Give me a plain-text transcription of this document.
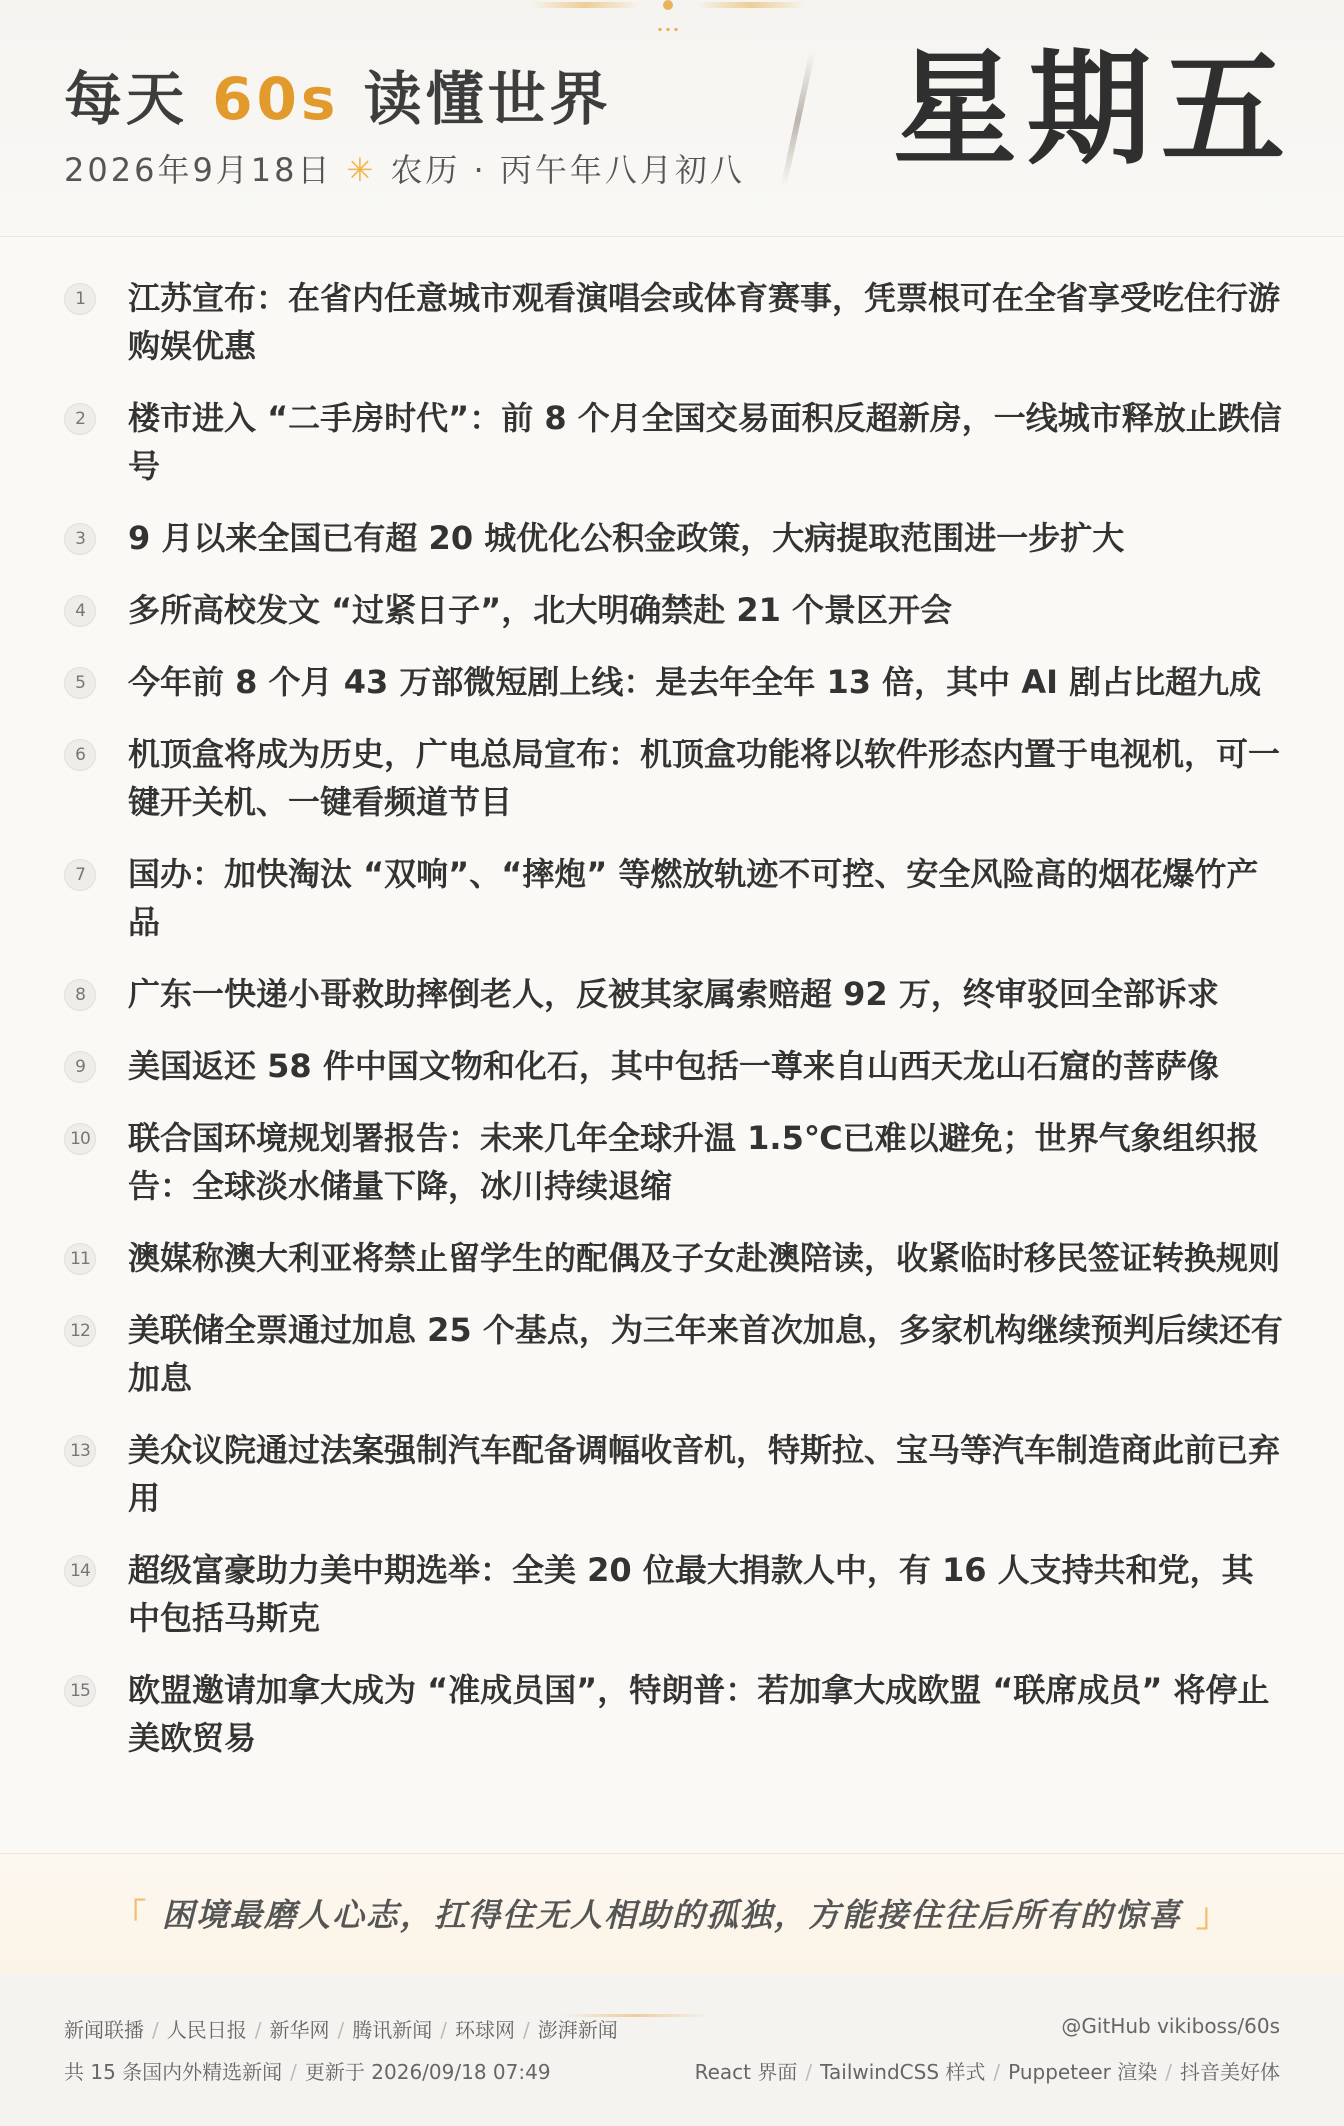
每天 60s 读懂世界
2026年9月18日 ✳ 农历 · 丙午年八月初八 星期五
1	江苏宣布：在省内任意城市观看演唱会或体育赛事，凭票根可在全省享受吃住行游购娱优惠
2	楼市进入 “二手房时代”：前 8 个月全国交易面积反超新房，一线城市释放止跌信号
3	9 月以来全国已有超 20 城优化公积金政策，大病提取范围进一步扩大
4	多所高校发文 “过紧日子”，北大明确禁赴 21 个景区开会
5	今年前 8 个月 43 万部微短剧上线：是去年全年 13 倍，其中 AI 剧占比超九成
6	机顶盒将成为历史，广电总局宣布：机顶盒功能将以软件形态内置于电视机，可一键开关机、一键看频道节目
7	国办：加快淘汰 “双响”、“摔炮” 等燃放轨迹不可控、安全风险高的烟花爆竹产品
8	广东一快递小哥救助摔倒老人，反被其家属索赔超 92 万，终审驳回全部诉求
9	美国返还 58 件中国文物和化石，其中包括一尊来自山西天龙山石窟的菩萨像
10 联合国环境规划署报告：未来几年全球升温 1.5℃已难以避免；世界气象组织报告：全球淡水储量下降，冰川持续退缩
11 澳媒称澳大利亚将禁止留学生的配偶及子女赴澳陪读，收紧临时移民签证转换规则
12 美联储全票通过加息 25 个基点，为三年来首次加息，多家机构继续预判后续还有加息
13 美众议院通过法案强制汽车配备调幅收音机，特斯拉、宝马等汽车制造商此前已弃用
14 超级富豪助力美中期选举：全美 20 位最大捐款人中，有 16 人支持共和党，其中包括马斯克
15 欧盟邀请加拿大成为 “准成员国”，特朗普：若加拿大成欧盟 “联席成员” 将停止美欧贸易
「 困境最磨人心志，扛得住无人相助的孤独，方能接住往后所有的惊喜 」
新闻联播 / 人民日报 / 新华网 / 腾讯新闻 / 环球网 / 澎湃新闻	@GitHub vikiboss/60s
共 15 条国内外精选新闻 / 更新于 2026/09/18 07:49	React 界面 / TailwindCSS 样式 / Puppeteer 渲染 / 抖音美好体
